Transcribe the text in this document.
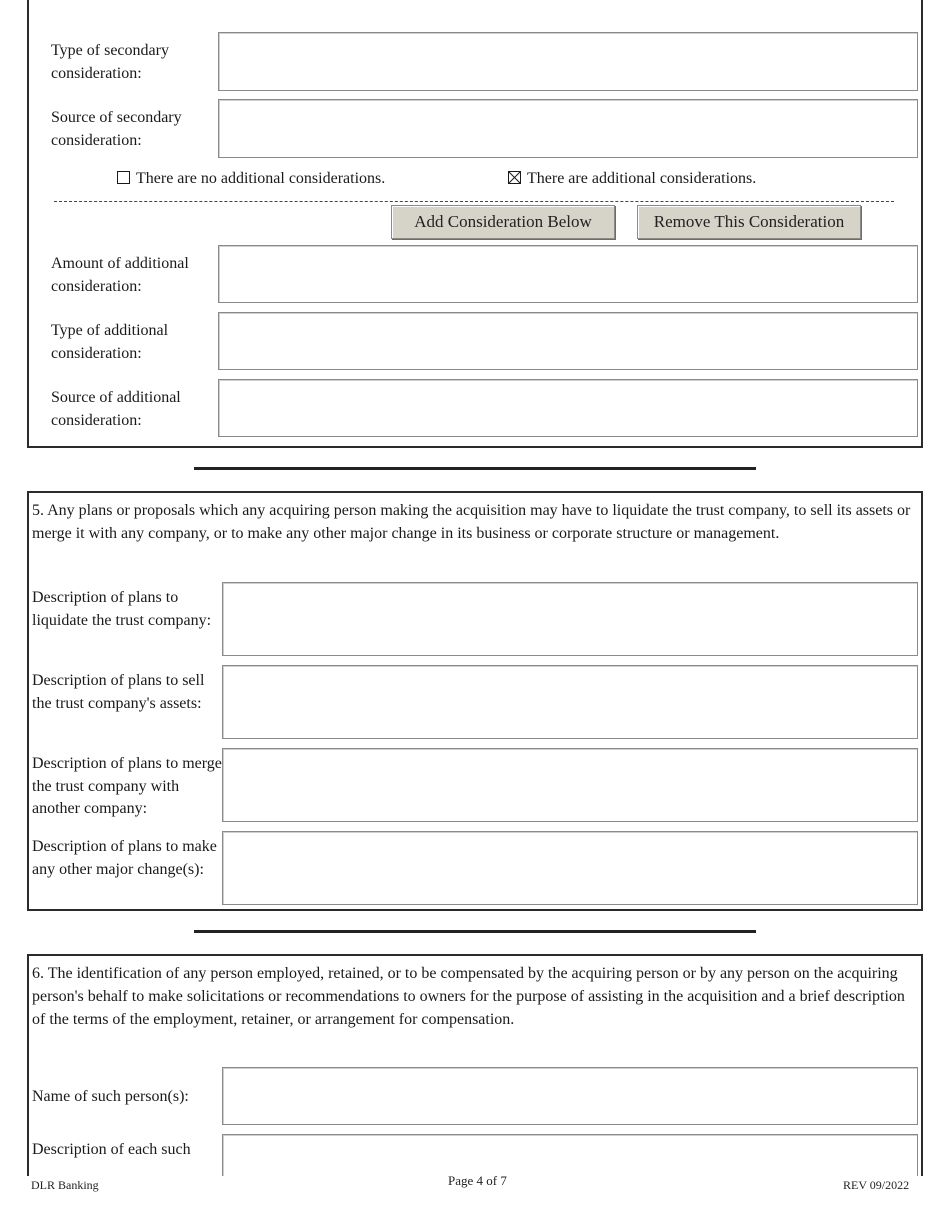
Type of secondary consideration:
Source of secondary consideration:
There are no additional considerations.	There are additional considerations.
Add Consideration Below	Remove This Consideration
Amount of additional consideration:
Type of additional consideration:
Source of additional consideration:
5. Any plans or proposals which any acquiring person making the acquisition may have to liquidate the trust company, to sell its assets or merge it with any company, or to make any other major change in its business or corporate structure or management.
Description of plans to liquidate the trust company:
Description of plans to sell the trust company's assets:
Description of plans to merge the trust company with another company:
Description of plans to make any other major change(s):
6. The identification of any person employed, retained, or to be compensated by the acquiring person or by any person on the acquiring person's behalf to make solicitations or recommendations to owners for the purpose of assisting in the acquisition and a brief description of the terms of the employment, retainer, or arrangement for compensation.
Name of such person(s):
Description of each such
DLR Banking	Page 4 of 7	REV 09/2022
